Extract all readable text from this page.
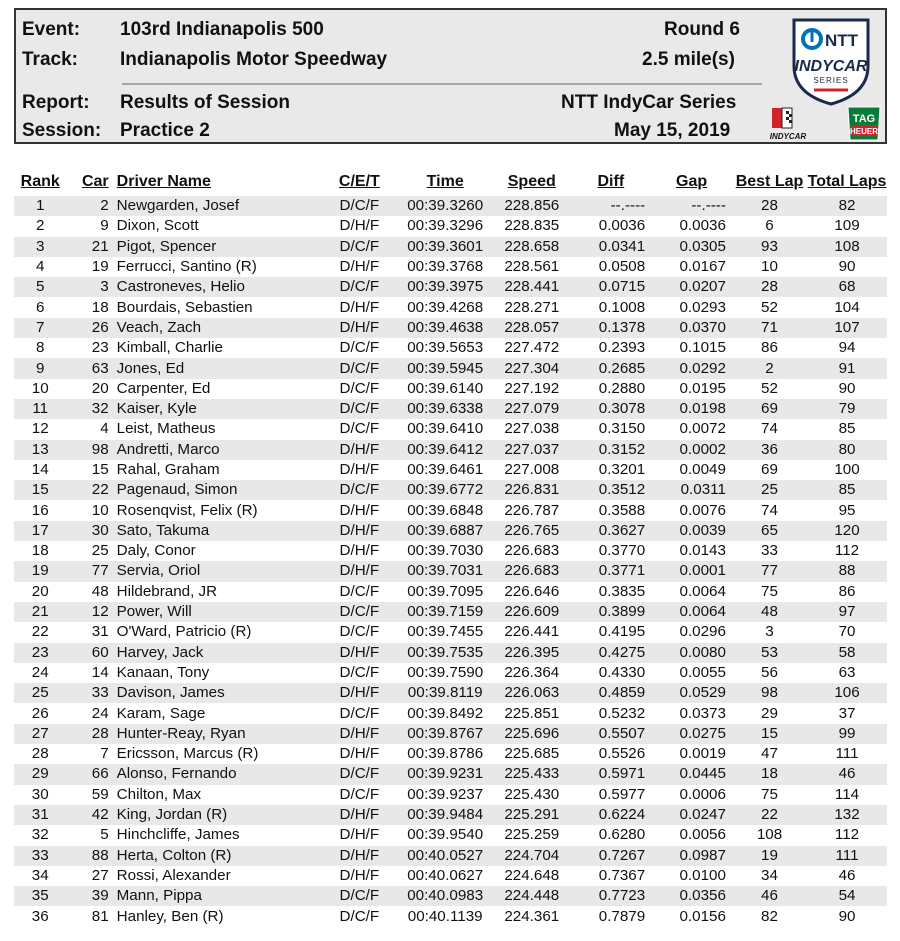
Event: 103rd Indianapolis 500	Round 6
Track: Indianapolis Motor Speedway	2.5 mile(s)
Report: Results of Session	NTT IndyCar Series
Session: Practice 2	May 15, 2019
NTT
INDYCAR
SERIES
INDYCAR
TAG
HEUER
Rank	Car	Driver Name	C/E/T	Time	Speed	Diff	Gap	Best Lap	Total Laps
1	2	Newgarden, Josef	D/C/F	00:39.3260	228.856	--.----	--.----	28	82
2	9	Dixon, Scott	D/H/F	00:39.3296	228.835	0.0036	0.0036	6	109
3	21	Pigot, Spencer	D/C/F	00:39.3601	228.658	0.0341	0.0305	93	108
4	19	Ferrucci, Santino (R)	D/H/F	00:39.3768	228.561	0.0508	0.0167	10	90
5	3	Castroneves, Helio	D/C/F	00:39.3975	228.441	0.0715	0.0207	28	68
6	18	Bourdais, Sebastien	D/H/F	00:39.4268	228.271	0.1008	0.0293	52	104
7	26	Veach, Zach	D/H/F	00:39.4638	228.057	0.1378	0.0370	71	107
8	23	Kimball, Charlie	D/C/F	00:39.5653	227.472	0.2393	0.1015	86	94
9	63	Jones, Ed	D/C/F	00:39.5945	227.304	0.2685	0.0292	2	91
10	20	Carpenter, Ed	D/C/F	00:39.6140	227.192	0.2880	0.0195	52	90
11	32	Kaiser, Kyle	D/C/F	00:39.6338	227.079	0.3078	0.0198	69	79
12	4	Leist, Matheus	D/C/F	00:39.6410	227.038	0.3150	0.0072	74	85
13	98	Andretti, Marco	D/H/F	00:39.6412	227.037	0.3152	0.0002	36	80
14	15	Rahal, Graham	D/H/F	00:39.6461	227.008	0.3201	0.0049	69	100
15	22	Pagenaud, Simon	D/C/F	00:39.6772	226.831	0.3512	0.0311	25	85
16	10	Rosenqvist, Felix (R)	D/H/F	00:39.6848	226.787	0.3588	0.0076	74	95
17	30	Sato, Takuma	D/H/F	00:39.6887	226.765	0.3627	0.0039	65	120
18	25	Daly, Conor	D/H/F	00:39.7030	226.683	0.3770	0.0143	33	112
19	77	Servia, Oriol	D/H/F	00:39.7031	226.683	0.3771	0.0001	77	88
20	48	Hildebrand, JR	D/C/F	00:39.7095	226.646	0.3835	0.0064	75	86
21	12	Power, Will	D/C/F	00:39.7159	226.609	0.3899	0.0064	48	97
22	31	O'Ward, Patricio (R)	D/C/F	00:39.7455	226.441	0.4195	0.0296	3	70
23	60	Harvey, Jack	D/H/F	00:39.7535	226.395	0.4275	0.0080	53	58
24	14	Kanaan, Tony	D/C/F	00:39.7590	226.364	0.4330	0.0055	56	63
25	33	Davison, James	D/H/F	00:39.8119	226.063	0.4859	0.0529	98	106
26	24	Karam, Sage	D/C/F	00:39.8492	225.851	0.5232	0.0373	29	37
27	28	Hunter-Reay, Ryan	D/H/F	00:39.8767	225.696	0.5507	0.0275	15	99
28	7	Ericsson, Marcus (R)	D/H/F	00:39.8786	225.685	0.5526	0.0019	47	111
29	66	Alonso, Fernando	D/C/F	00:39.9231	225.433	0.5971	0.0445	18	46
30	59	Chilton, Max	D/C/F	00:39.9237	225.430	0.5977	0.0006	75	114
31	42	King, Jordan (R)	D/H/F	00:39.9484	225.291	0.6224	0.0247	22	132
32	5	Hinchcliffe, James	D/H/F	00:39.9540	225.259	0.6280	0.0056	108	112
33	88	Herta, Colton (R)	D/H/F	00:40.0527	224.704	0.7267	0.0987	19	111
34	27	Rossi, Alexander	D/H/F	00:40.0627	224.648	0.7367	0.0100	34	46
35	39	Mann, Pippa	D/C/F	00:40.0983	224.448	0.7723	0.0356	46	54
36	81	Hanley, Ben (R)	D/C/F	00:40.1139	224.361	0.7879	0.0156	82	90
